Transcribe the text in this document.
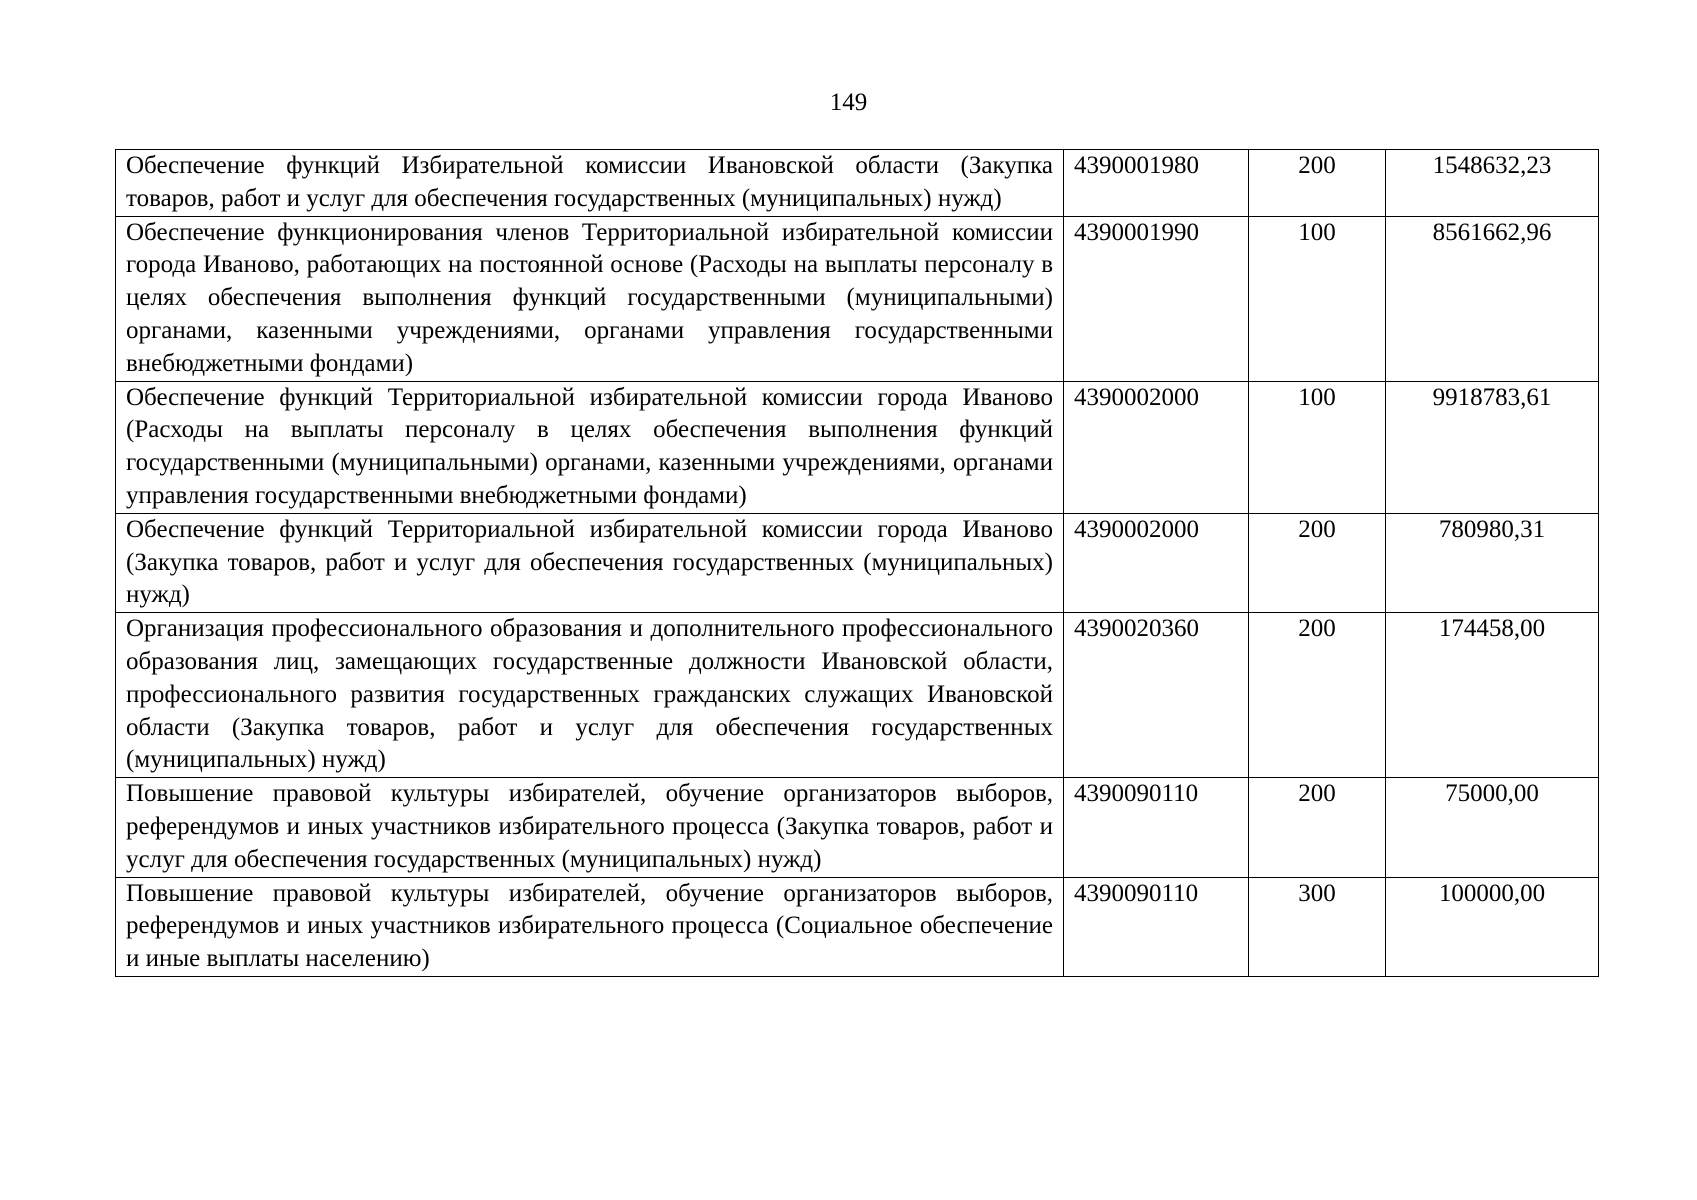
149
Обеспечение функций Избирательной комиссии Ивановской области (Закупка товаров, работ и услуг для обеспечения государственных (муниципальных) нужд)	4390001980	200	1548632,23
Обеспечение функционирования членов Территориальной избирательной комиссии города Иваново, работающих на постоянной основе (Расходы на выплаты персоналу в целях обеспечения выполнения функций государственными (муниципальными) органами, казенными учреждениями, органами управления государственными внебюджетными фондами)	4390001990	100	8561662,96
Обеспечение функций Территориальной избирательной комиссии города Иваново (Расходы на выплаты персоналу в целях обеспечения выполнения функций государственными (муниципальными) органами, казенными учреждениями, органами управления государственными внебюджетными фондами)	4390002000	100	9918783,61
Обеспечение функций Территориальной избирательной комиссии города Иваново (Закупка товаров, работ и услуг для обеспечения государственных (муниципальных) нужд)	4390002000	200	780980,31
Организация профессионального образования и дополнительного профессионального образования лиц, замещающих государственные должности Ивановской области, профессионального развития государственных гражданских служащих Ивановской области (Закупка товаров, работ и услуг для обеспечения государственных (муниципальных) нужд)	4390020360	200	174458,00
Повышение правовой культуры избирателей, обучение организаторов выборов, референдумов и иных участников избирательного процесса (Закупка товаров, работ и услуг для обеспечения государственных (муниципальных) нужд)	4390090110	200	75000,00
Повышение правовой культуры избирателей, обучение организаторов выборов, референдумов и иных участников избирательного процесса (Социальное обеспечение и иные выплаты населению)	4390090110	300	100000,00
